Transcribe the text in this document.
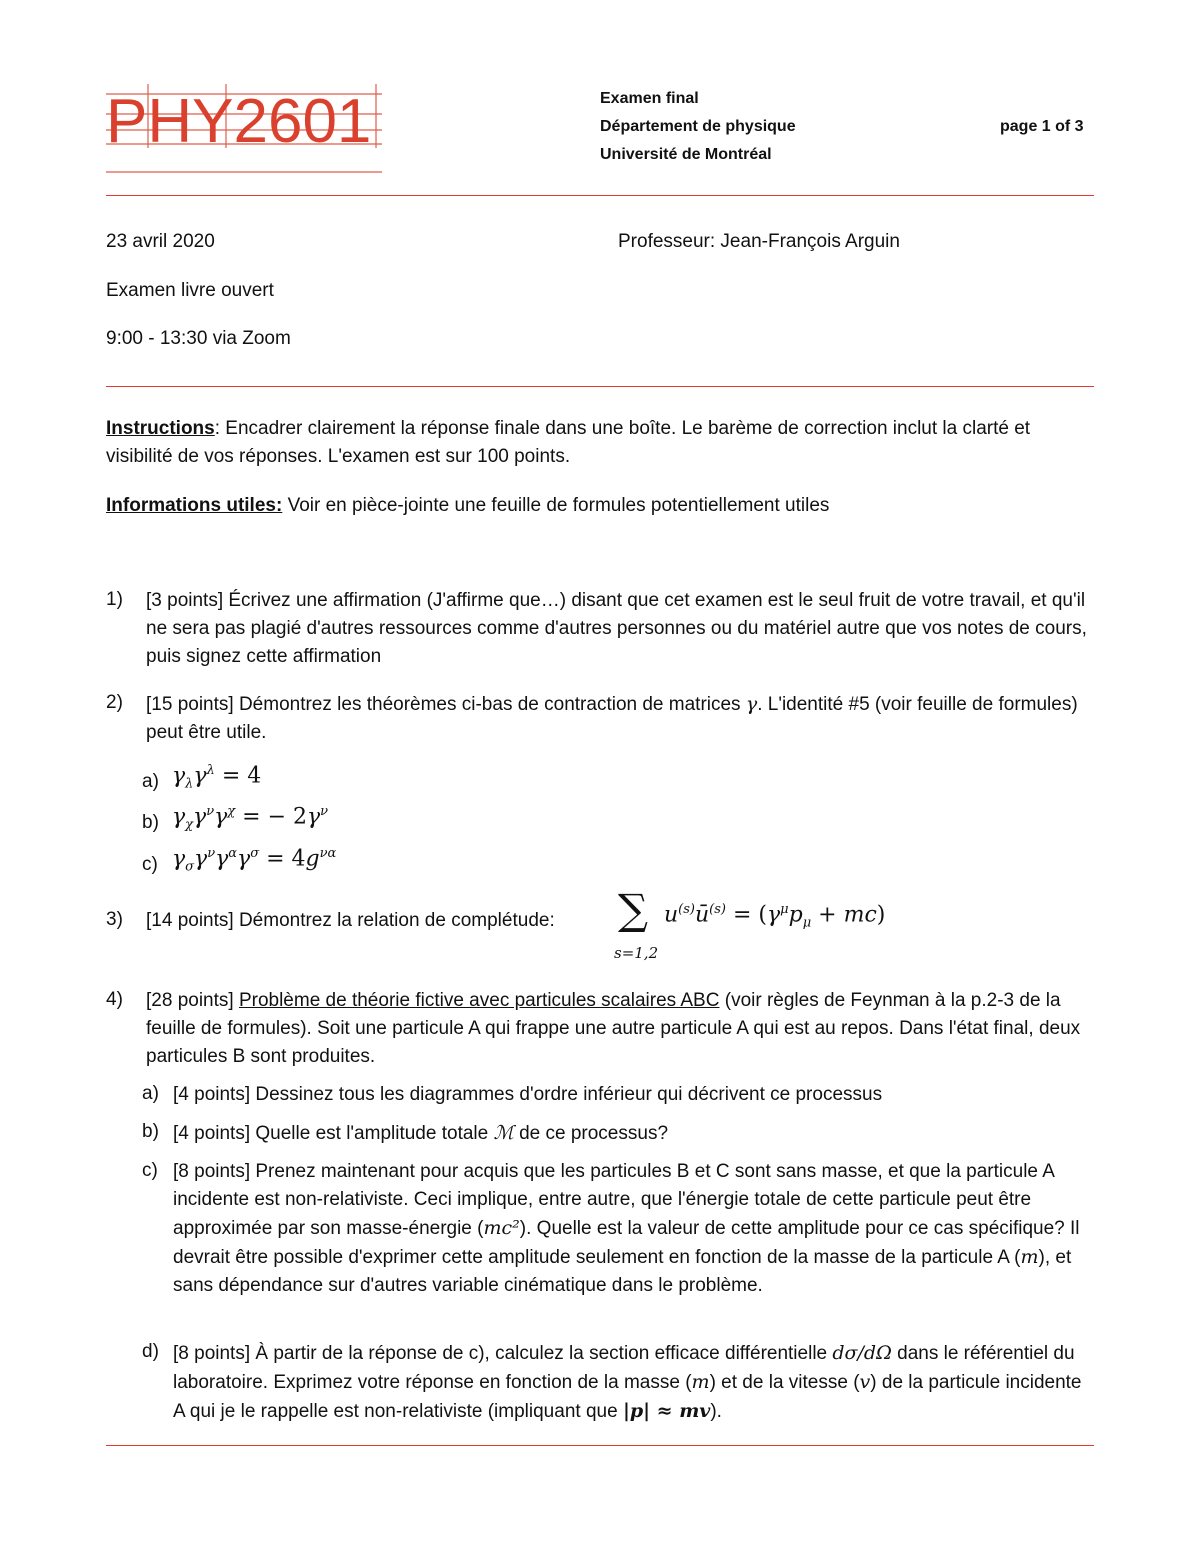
PHY2601	Examen final
Département de physique	page 1 of 3
Université de Montréal
23 avril 2020	Professeur: Jean-François Arguin
Examen livre ouvert
9:00 - 13:30 via Zoom
Instructions: Encadrer clairement la réponse finale dans une boîte. Le barème de correction inclut la clarté et visibilité de vos réponses. L'examen est sur 100 points.
Informations utiles: Voir en pièce-jointe une feuille de formules potentiellement utiles
1) [3 points] Écrivez une affirmation (J'affirme que…) disant que cet examen est le seul fruit de votre travail, et qu'il ne sera pas plagié d'autres ressources comme d'autres personnes ou du matériel autre que vos notes de cours, puis signez cette affirmation
2) [15 points] Démontrez les théorèmes ci-bas de contraction de matrices γ. L'identité #5 (voir feuille de formules) peut être utile.
a) $\gamma_\lambda\gamma^\lambda = 4$
b) $\gamma_\chi\gamma^\nu\gamma^\chi$ = − $2\gamma^\nu$
c) $\gamma_\sigma\gamma^\nu\gamma^\alpha\gamma^\sigma = 4g^{\nu\alpha}$
3) [14 points] Démontrez la relation de complétude:	∑
s=1,2
$u^{(s)}ū^{(s)} = (\gamma^\mu p_\mu + mc)$
4) [28 points] Problème de théorie fictive avec particules scalaires ABC (voir règles de Feynman à la p.2-3 de la feuille de formules). Soit une particule A qui frappe une autre particule A qui est au repos. Dans l'état final, deux particules B sont produites.
a) [4 points] Dessinez tous les diagrammes d'ordre inférieur qui décrivent ce processus
b) [4 points] Quelle est l'amplitude totale ℳ de ce processus?
c) [8 points] Prenez maintenant pour acquis que les particules B et C sont sans masse, et que la particule A incidente est non-relativiste. Ceci implique, entre autre, que l'énergie totale de cette particule peut être approximée par son masse-énergie (mc²). Quelle est la valeur de cette amplitude pour ce cas spécifique? Il devrait être possible d'exprimer cette amplitude seulement en fonction de la masse de la particule A (m), et sans dépendance sur d'autres variable cinématique dans le problème.
d) [8 points] À partir de la réponse de c), calculez la section efficace différentielle dσ/dΩ dans le référentiel du laboratoire. Exprimez votre réponse en fonction de la masse (m) et de la vitesse (v) de la particule incidente A qui je le rappelle est non-relativiste (impliquant que |p| ≈ mv).
